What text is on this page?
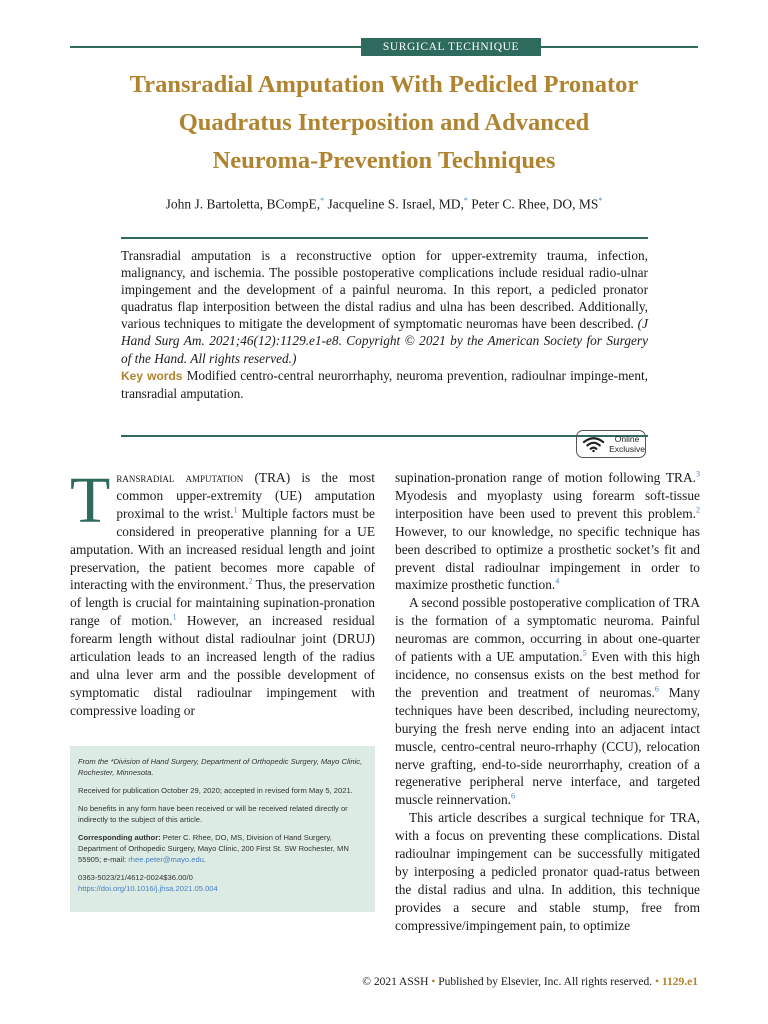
SURGICAL TECHNIQUE
Transradial Amputation With Pedicled Pronator
Quadratus Interposition and Advanced
Neuroma-Prevention Techniques
John J. Bartoletta, BCompE,* Jacqueline S. Israel, MD,* Peter C. Rhee, DO, MS*
Transradial amputation is a reconstructive option for upper-extremity trauma, infection, malignancy, and ischemia. The possible postoperative complications include residual radio-ulnar impingement and the development of a painful neuroma. In this report, a pedicled pronator quadratus flap interposition between the distal radius and ulna has been described. Additionally, various techniques to mitigate the development of symptomatic neuromas have been described. (J Hand Surg Am. 2021;46(12):1129.e1-e8. Copyright © 2021 by the American Society for Surgery of the Hand. All rights reserved.)
Key words Modified centro-central neurorrhaphy, neuroma prevention, radioulnar impinge-ment, transradial amputation.
Online
Exclusive

Transradial amputation (TRA) is the most common upper-extremity (UE) amputation proximal to the wrist.$^1$ Multiple factors must be considered in preoperative planning for a UE amputation. With an increased residual length and joint preservation, the patient becomes more capable of interacting with the environment.$^2$ Thus, the preservation of length is crucial for maintaining supination-pronation range of motion.$^1$ However, an increased residual forearm length without distal radioulnar joint (DRUJ) articulation leads to an increased length of the radius and ulna lever arm and the possible development of symptomatic distal radioulnar impingement with compressive loading or

From the *Division of Hand Surgery, Department of Orthopedic Surgery, Mayo Clinic, Rochester, Minnesota.

Received for publication October 29, 2020; accepted in revised form May 5, 2021.

No benefits in any form have been received or will be received related directly or indirectly to the subject of this article.

Corresponding author: Peter C. Rhee, DO, MS, Division of Hand Surgery, Department of Orthopedic Surgery, Mayo Clinic, 200 First St. SW Rochester, MN 55905; e-mail: rhee.peter@mayo.edu.

0363-5023/21/4612-0024$36.00/0
https://doi.org/10.1016/j.jhsa.2021.05.004

supination-pronation range of motion following TRA.$^3$ Myodesis and myoplasty using forearm soft-tissue interposition have been used to prevent this problem.$^2$ However, to our knowledge, no specific technique has been described to optimize a prosthetic socket’s fit and prevent distal radioulnar impingement in order to maximize prosthetic function.$^4$

A second possible postoperative complication of TRA is the formation of a symptomatic neuroma. Painful neuromas are common, occurring in about one-quarter of patients with a UE amputation.$^5$ Even with this high incidence, no consensus exists on the best method for the prevention and treatment of neuromas.$^6$ Many techniques have been described, including neurectomy, burying the fresh nerve ending into an adjacent intact muscle, centro-central neuro-rrhaphy (CCU), relocation nerve grafting, end-to-side neurorrhaphy, creation of a regenerative peripheral nerve interface, and targeted muscle reinnervation.$^6$

This article describes a surgical technique for TRA, with a focus on preventing these complications. Distal radioulnar impingement can be successfully mitigated by interposing a pedicled pronator quad-ratus between the distal radius and ulna. In addition, this technique provides a secure and stable stump, free from compressive/impingement pain, to optimize

© 2021 ASSH • Published by Elsevier, Inc. All rights reserved. • 1129.e1
